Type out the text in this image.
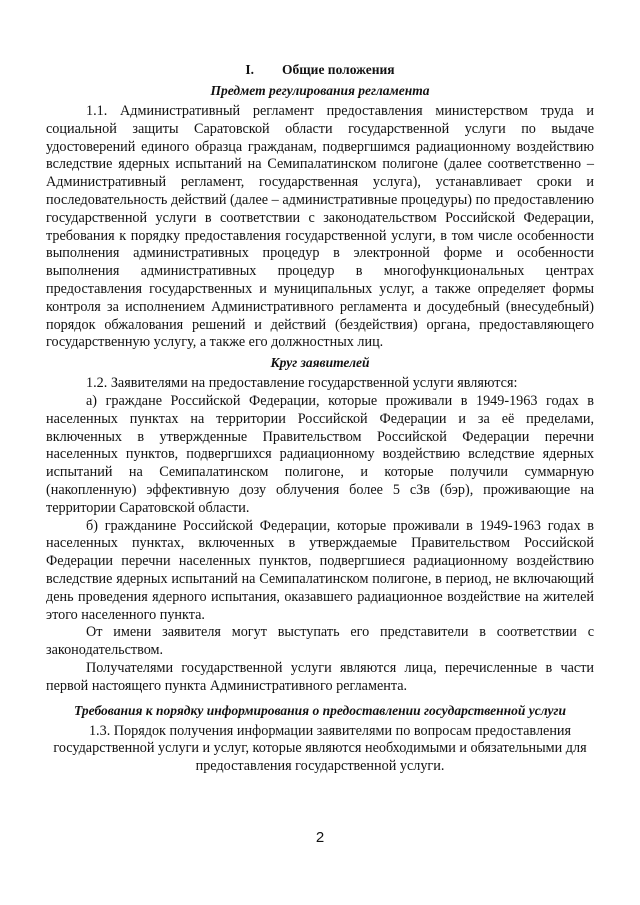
I. Общие положения
Предмет регулирования регламента

1.1. Административный регламент предоставления министерством труда и социальной защиты Саратовской области государственной услуги по выдаче удостоверений единого образца гражданам, подвергшимся радиационному воздействию вследствие ядерных испытаний на Семипалатинском полигоне (далее соответственно – Административный регламент, государственная услуга), устанавливает сроки и последовательность действий (далее – административные процедуры) по предоставлению государственной услуги в соответствии с законодательством Российской Федерации, требования к порядку предоставления государственной услуги, в том числе особенности выполнения административных процедур в электронной форме и особенности выполнения административных процедур в многофункциональных центрах предоставления государственных и муниципальных услуг, а также определяет формы контроля за исполнением Административного регламента и досудебный (внесудебный) порядок обжалования решений и действий (бездействия) органа, предоставляющего государственную услугу, а также его должностных лиц.

Круг заявителей

1.2. Заявителями на предоставление государственной услуги являются:

а) граждане Российской Федерации, которые проживали в 1949-1963 годах в населенных пунктах на территории Российской Федерации и за её пределами, включенных в утвержденные Правительством Российской Федерации перечни населенных пунктов, подвергшихся радиационному воздействию вследствие ядерных испытаний на Семипалатинском полигоне, и которые получили суммарную (накопленную) эффективную дозу облучения более 5 сЗв (бэр), проживающие на территории Саратовской области.

б) гражданине Российской Федерации, которые проживали в 1949-1963 годах в населенных пунктах, включенных в утверждаемые Правительством Российской Федерации перечни населенных пунктов, подвергшиеся радиационному воздействию вследствие ядерных испытаний на Семипалатинском полигоне, в период, не включающий день проведения ядерного испытания, оказавшего радиационное воздействие на жителей этого населенного пункта.

От имени заявителя могут выступать его представители в соответствии с законодательством.

Получателями государственной услуги являются лица, перечисленные в части первой настоящего пункта Административного регламента.

Требования к порядку информирования о предоставлении государственной услуги

1.3. Порядок получения информации заявителями по вопросам предоставления государственной услуги и услуг, которые являются необходимыми и обязательными для предоставления государственной услуги.

2
